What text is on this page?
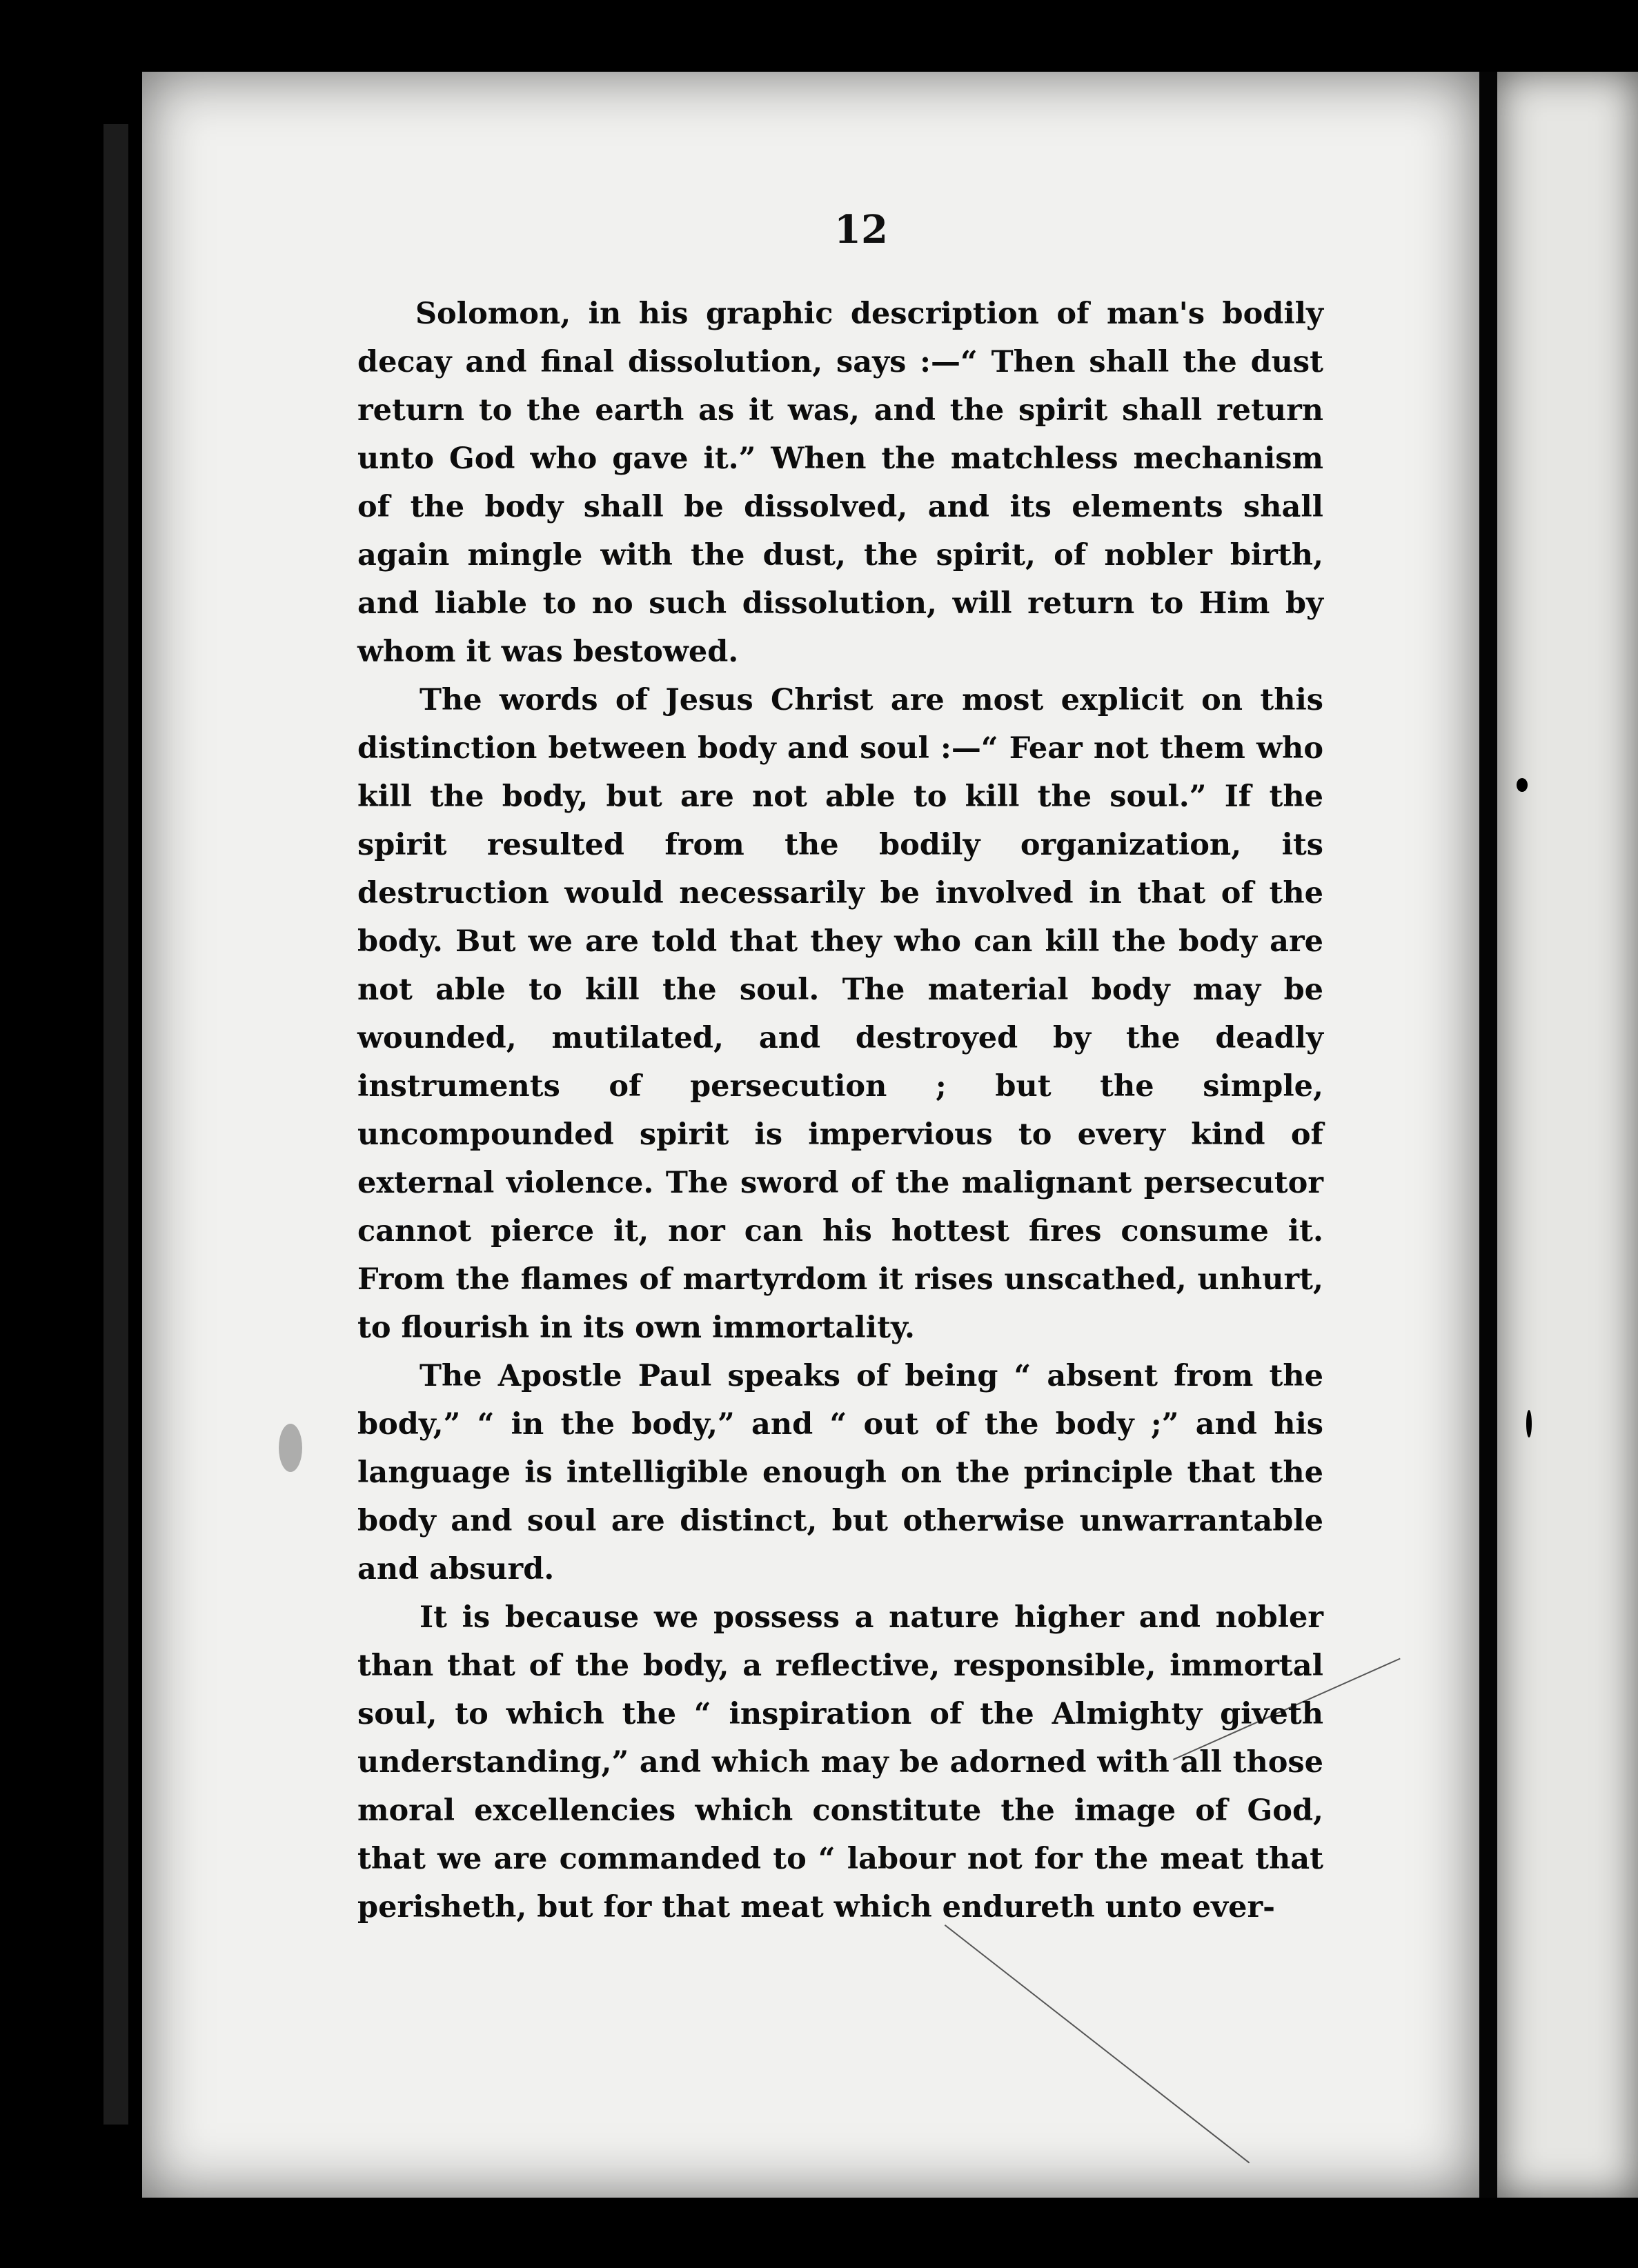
12

Solomon, in his graphic description of man's bodily decay and final dissolution, says :—“ Then shall the dust return to the earth as it was, and the spirit shall return unto God who gave it.” When the matchless mechanism of the body shall be dissolved, and its elements shall again mingle with the dust, the spirit, of nobler birth, and liable to no such dissolution, will return to Him by whom it was bestowed.

The words of Jesus Christ are most explicit on this distinction between body and soul :—“ Fear not them who kill the body, but are not able to kill the soul.” If the spirit resulted from the bodily organization, its destruction would necessarily be involved in that of the body. But we are told that they who can kill the body are not able to kill the soul. The material body may be wounded, mutilated, and destroyed by the deadly instruments of persecution ; but the simple, uncompounded spirit is impervious to every kind of external violence. The sword of the malignant persecutor cannot pierce it, nor can his hottest fires consume it. From the flames of martyrdom it rises unscathed, unhurt, to flourish in its own immortality.

The Apostle Paul speaks of being “ absent from the body,” “ in the body,” and “ out of the body ;” and his language is intelligible enough on the principle that the body and soul are distinct, but otherwise unwarrantable and absurd.

It is because we possess a nature higher and nobler than that of the body, a reflective, responsible, immortal soul, to which the “ inspiration of the Almighty giveth understanding,” and which may be adorned with all those moral excellencies which constitute the image of God, that we are commanded to “ labour not for the meat that perisheth, but for that meat which endureth unto ever-
